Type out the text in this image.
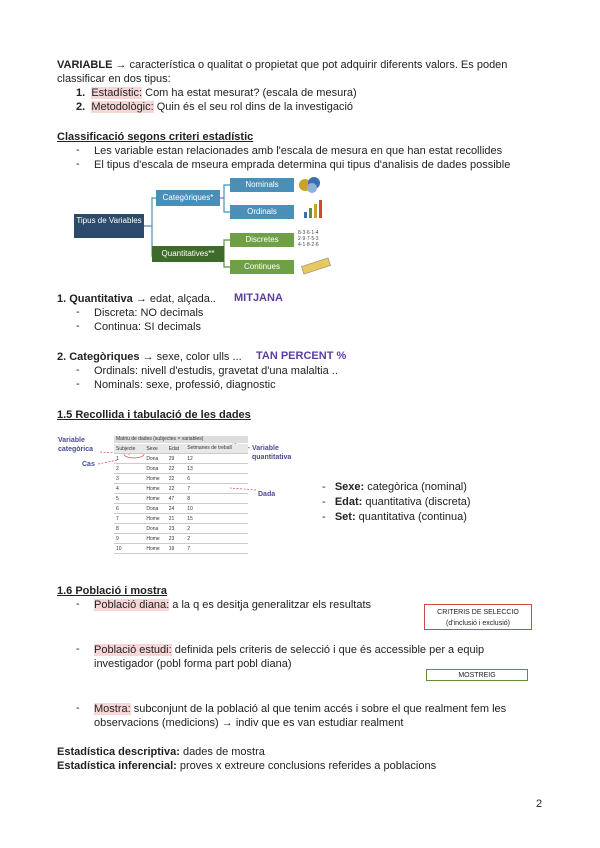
VARIABLE → característica o qualitat o propietat que pot adquirir diferents valors. Es poden
classificar en dos tipus:
1. Estadístic: Com ha estat mesurat? (escala de mesura)
2. Metodològic: Quin és el seu rol dins de la investigació
Classificació segons criteri estadístic
- Les variable estan relacionades amb l'escala de mesura en que han estat recollides
- El tipus d'escala de mseura emprada determina qui tipus d'analisis de dades possible
Tipus de Variables
Categòriques*
Quantitatives**
Nominals
Ordinals
Discretes
Continues
8·3·6·1·4
2·9·7·5·3
4·1·8·2·6
1. Quantitativa → edat, alçada.. MITJANA
- Discreta: NO decimals
- Continua: SI decimals
2. Categòriques → sexe, color ulls ... TAN PERCENT %
- Ordinals: nivell d'estudis, gravetat d'una malaltia ..
- Nominals: sexe, professió, diagnostic
1.5 Recollida i tabulació de les dades
Variable categòrica
Cas
Variable quantitativa
Dada
Matriu de dades (subjectes × variables)
Subjecte	Sexe	Edat	Setmanes de treball
1	Dona	29	12
2	Dona	22	13
3	Home	22	6
4	Home	22	7
5	Home	47	8
6	Dona	24	10
7	Home	21	15
8	Dona	23	2
9	Home	23	2
10	Home	19	7
-   Sexe: categòrica (nominal)
-   Edat: quantitativa (discreta)
-   Set: quantitativa (continua)
1.6 Població i mostra
- Població diana: a la q es desitja generalitzar els resultats
CRITERIS DE SELECCIO
(d'inclusió i exclusió)
- Població estudi: definida pels criteris de selecció i que és accessible per a equip
investigador (pobl forma part pobl diana)
MOSTREIG
- Mostra: subconjunt de la població al que tenim accés i sobre el que realment fem les
observacions (medicions) → indiv que es van estudiar realment
Estadística descriptiva: dades de mostra
Estadística inferencial: proves x extreure conclusions referides a poblacions
2
